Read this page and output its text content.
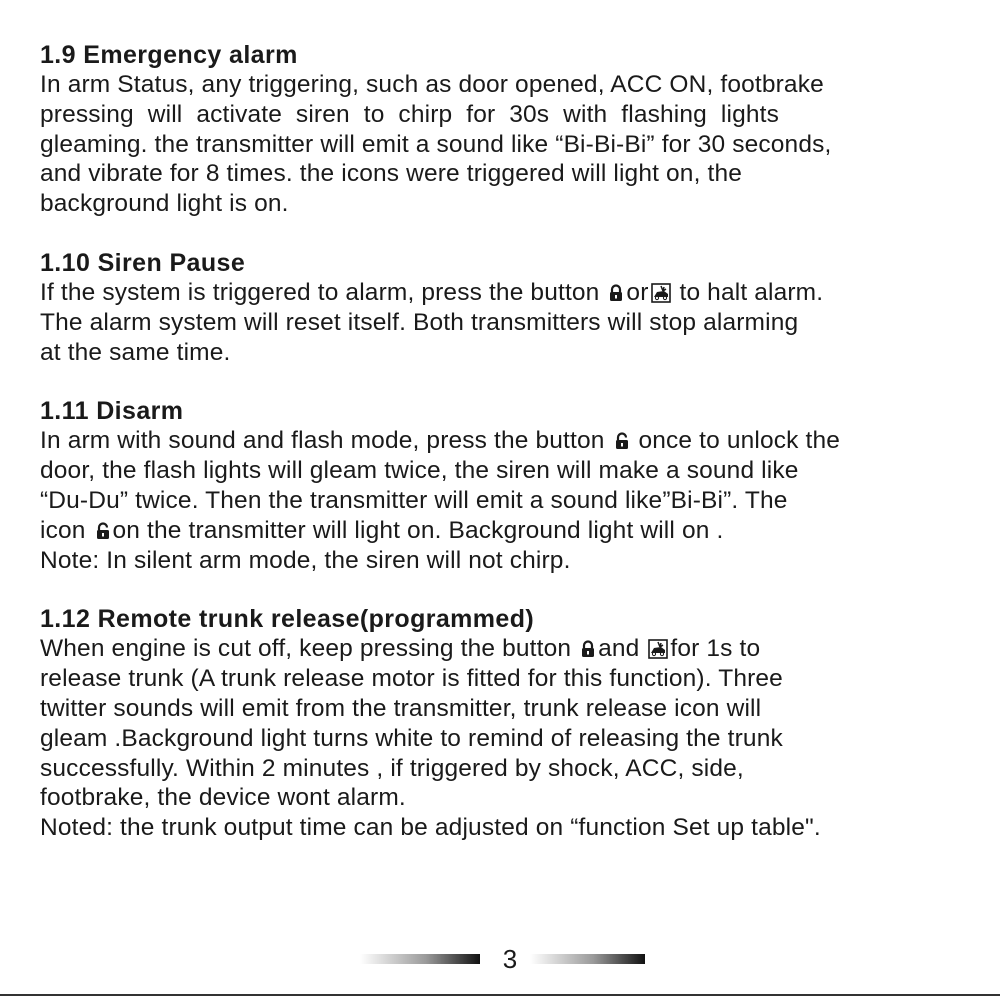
1.9 Emergency alarm

In arm Status, any triggering, such as door opened, ACC ON, footbrake

pressing will activate siren to chirp for 30s with flashing lights

gleaming. the transmitter will emit a sound like “Bi-Bi-Bi” for 30 seconds,

and vibrate for 8 times. the icons were triggered will light on, the

background light is on.

1.10 Siren Pause

If the system is triggered to alarm, press the button or to halt alarm.

The alarm system will reset itself. Both transmitters will stop alarming

at the same time.

1.11 Disarm

In arm with sound and flash mode, press the button once to unlock the

door, the flash lights will gleam twice, the siren will make a sound like

“Du-Du” twice. Then the transmitter will emit a sound like”Bi-Bi”. The

icon on the transmitter will light on. Background light will on .

Note: In silent arm mode, the siren will not chirp.

1.12 Remote trunk release(programmed)

When engine is cut off, keep pressing the button and for 1s to

release trunk (A trunk release motor is fitted for this function). Three

twitter sounds will emit from the transmitter, trunk release icon will

gleam .Background light turns white to remind of releasing the trunk

successfully. Within 2 minutes , if triggered by shock, ACC, side,

footbrake, the device wont alarm.

Noted: the trunk output time can be adjusted on “function Set up table".

3
